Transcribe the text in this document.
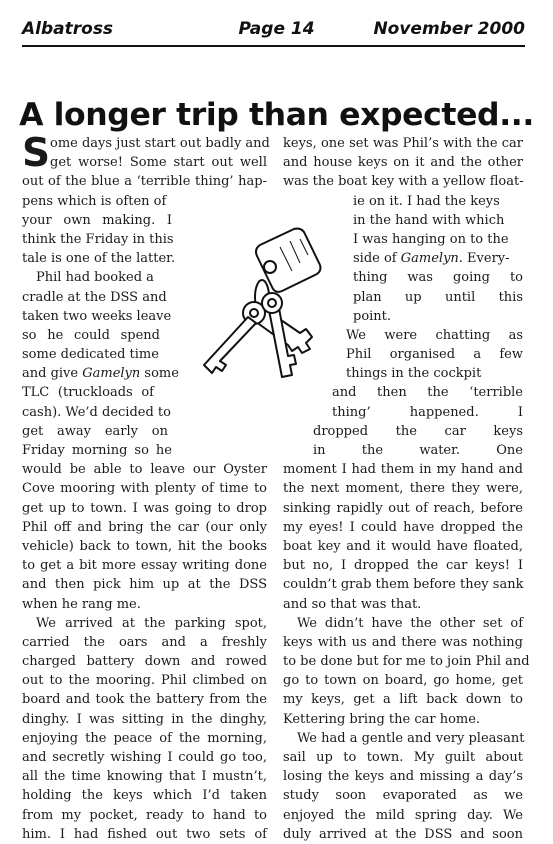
Albatross	Page 14	November 2000
A longer trip than expected...
S ome days just start out badly and
get worse! Some start out well
out of the blue a ‘terrible thing’ hap-
pens which is often of
your own making. I
think the Friday in this
tale is one of the latter.
Phil had booked a
cradle at the DSS and
taken two weeks leave
so he could spend
some dedicated time
and give Gamelyn some
TLC (truckloads of
cash). We’d decided to
get away early on
Friday morning so he
would be able to leave our Oyster
Cove mooring with plenty of time to
get up to town. I was going to drop
Phil off and bring the car (our only
vehicle) back to town, hit the books
to get a bit more essay writing done
and then pick him up at the DSS
when he rang me.
We arrived at the parking spot,
carried the oars and a freshly
charged battery down and rowed
out to the mooring. Phil climbed on
board and took the battery from the
dinghy. I was sitting in the dinghy,
enjoying the peace of the morning,
and secretly wishing I could go too,
all the time knowing that I mustn’t,
holding the keys which I’d taken
from my pocket, ready to hand to
him. I had fished out two sets of
keys, one set was Phil’s with the car
and house keys on it and the other
was the boat key with a yellow float-
ie on it. I had the keys
in the hand with which
I was hanging on to the
side of Gamelyn. Every-
thing was going to
plan up until this
point.
We were chatting as
Phil organised a few
things in the cockpit
and then the ‘terrible
thing’ happened. I
dropped the car keys
in the water. One
moment I had them in my hand and
the next moment, there they were,
sinking rapidly out of reach, before
my eyes! I could have dropped the
boat key and it would have floated,
but no, I dropped the car keys! I
couldn’t grab them before they sank
and so that was that.
We didn’t have the other set of
keys with us and there was nothing
to be done but for me to join Phil and
go to town on board, go home, get
my keys, get a lift back down to
Kettering bring the car home.
We had a gentle and very pleasant
sail up to town. My guilt about
losing the keys and missing a day’s
study soon evaporated as we
enjoyed the mild spring day. We
duly arrived at the DSS and soon
